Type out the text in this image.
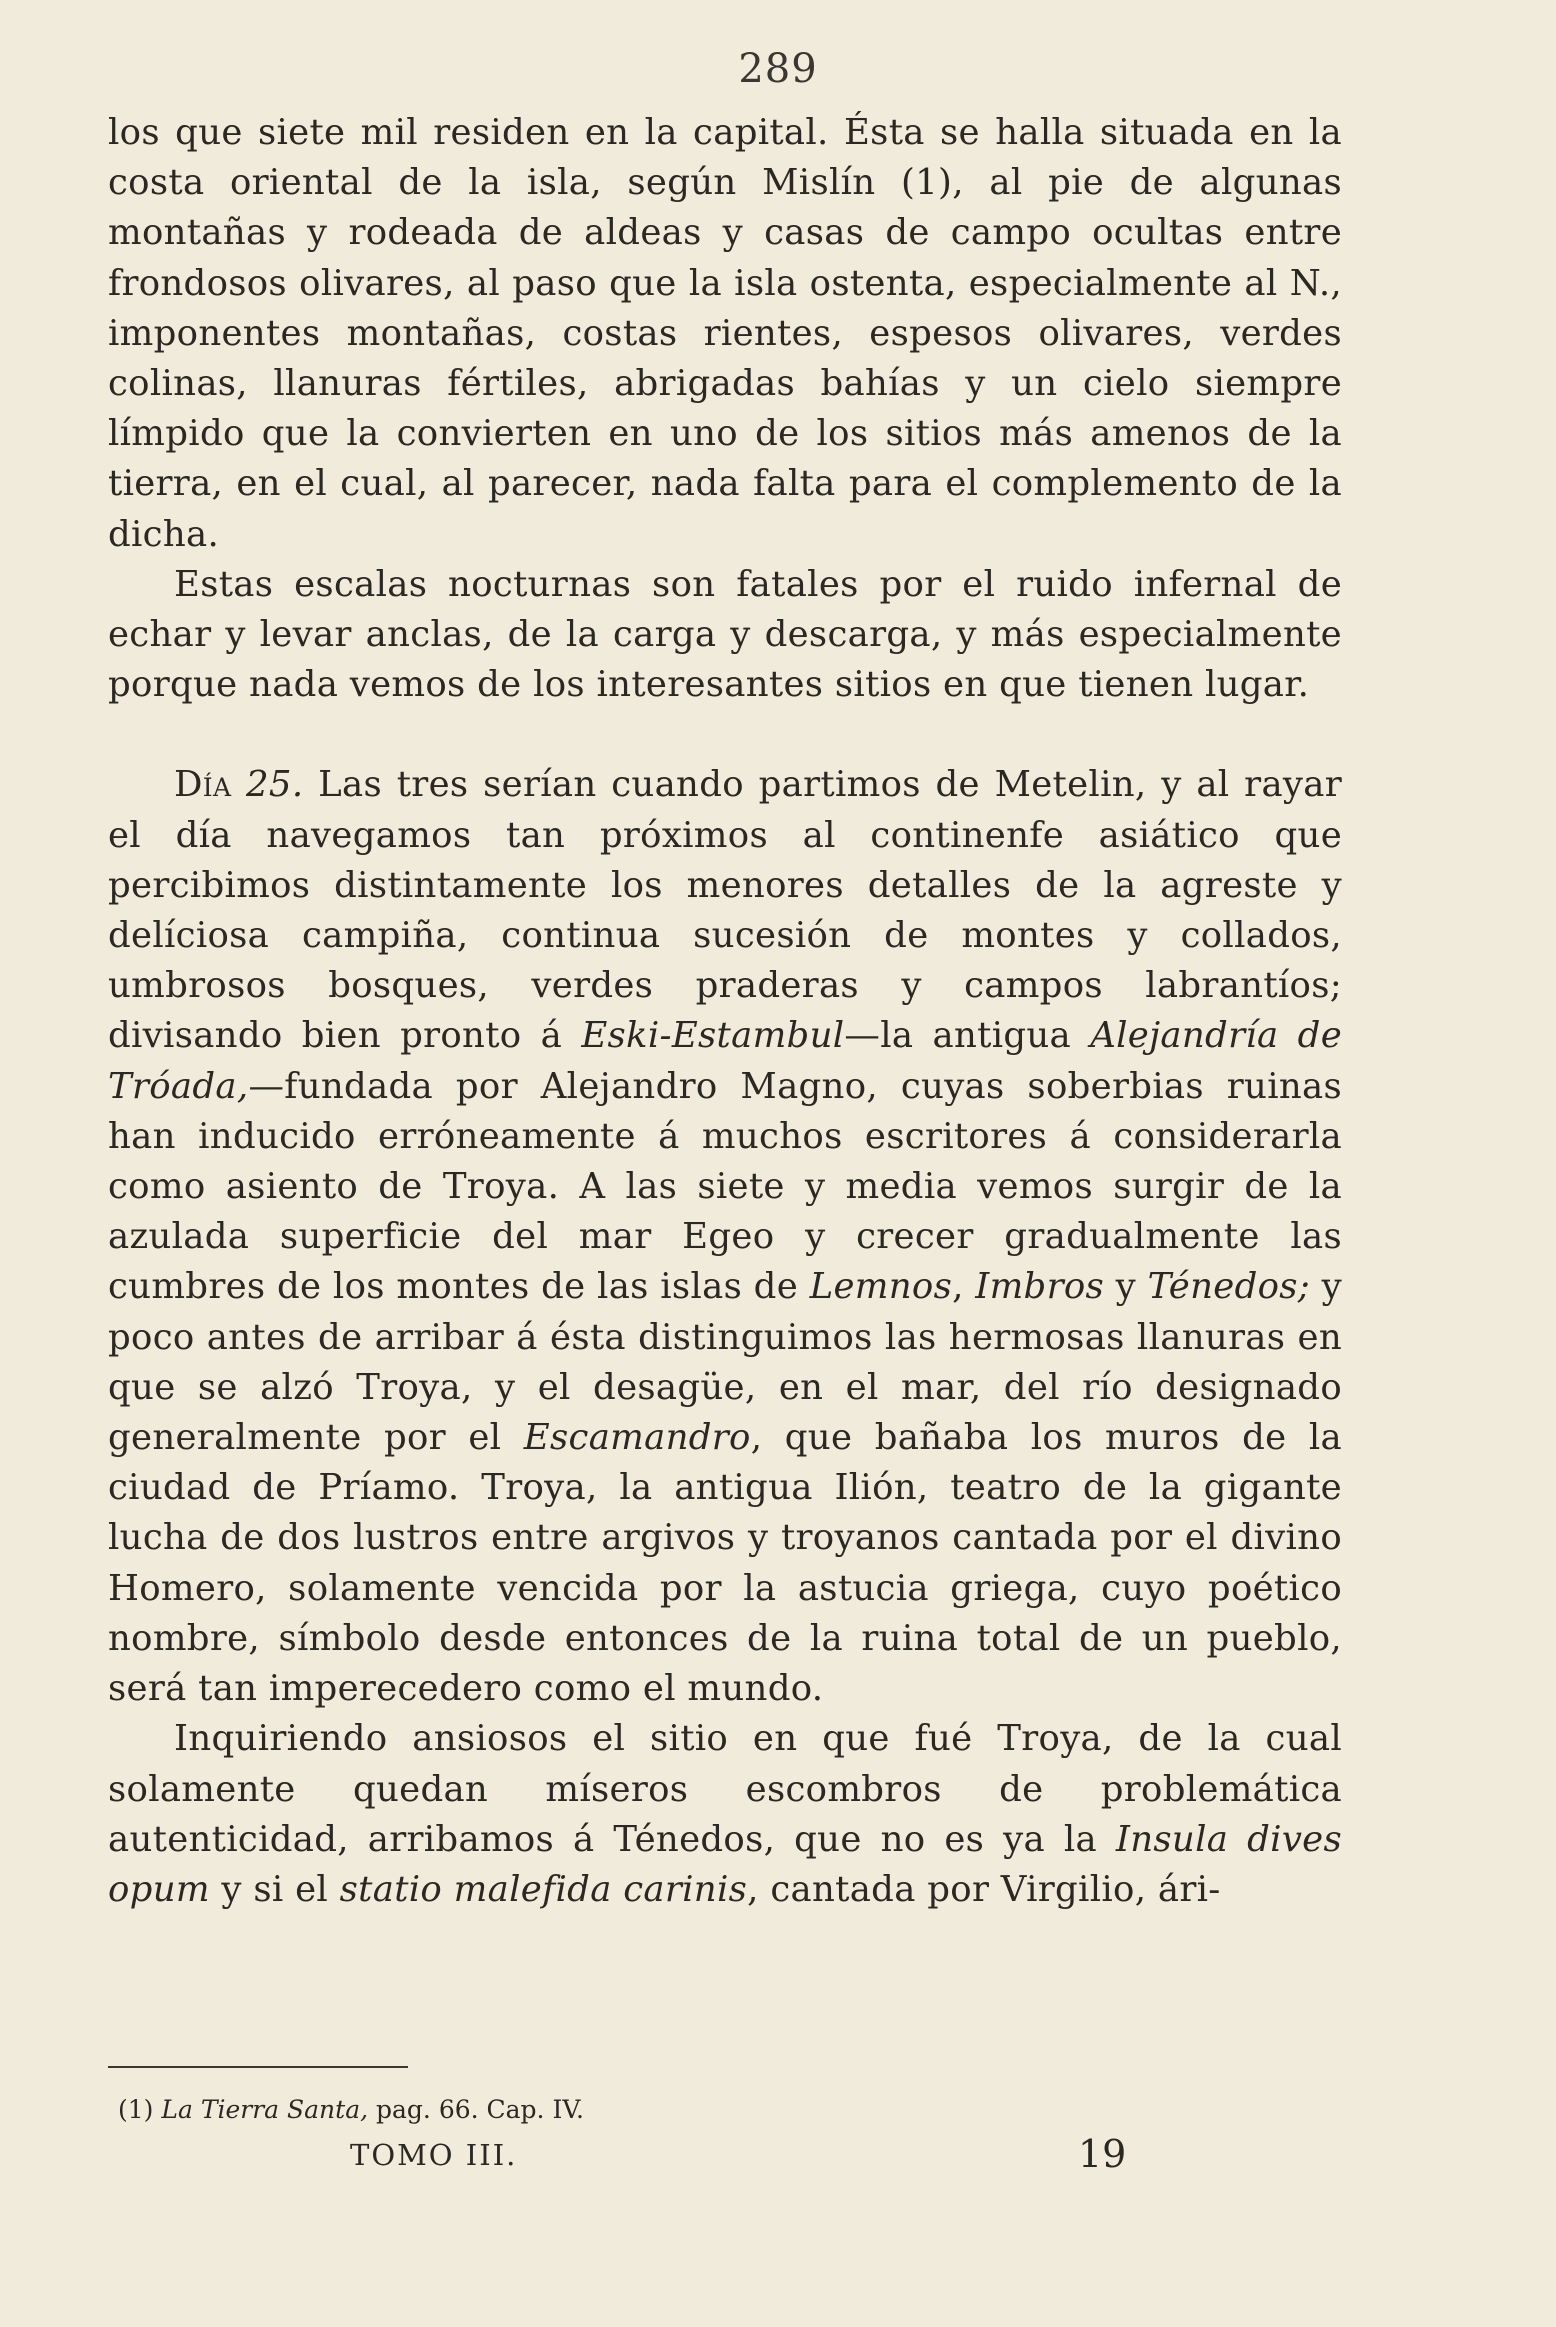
289

los que siete mil residen en la capital. Ésta se halla situada en la costa oriental de la isla, según Mislín (1), al pie de algunas montañas y rodeada de aldeas y casas de campo ocultas entre frondosos olivares, al paso que la isla ostenta, especialmente al N., imponentes montañas, costas rientes, espesos olivares, verdes colinas, llanuras fértiles, abrigadas bahías y un cielo siempre límpido que la convierten en uno de los sitios más amenos de la tierra, en el cual, al parecer, nada falta para el complemento de la dicha.

Estas escalas nocturnas son fatales por el ruido infernal de echar y levar anclas, de la carga y descarga, y más especialmente porque nada vemos de los interesantes sitios en que tienen lugar.

Día 25. Las tres serían cuando partimos de Metelin, y al rayar el día navegamos tan próximos al continenfe asiático que percibimos distintamente los menores detalles de la agreste y delíciosa campiña, continua sucesión de montes y collados, umbrosos bosques, verdes praderas y campos labrantíos; divisando bien pronto á Eski-Estambul—la antigua Alejandría de Tróada,—fundada por Alejandro Magno, cuyas soberbias ruinas han inducido erróneamente á muchos escritores á considerarla como asiento de Troya. A las siete y media vemos surgir de la azulada superficie del mar Egeo y crecer gradualmente las cumbres de los montes de las islas de Lemnos, Imbros y Ténedos; y poco antes de arribar á ésta distinguimos las hermosas llanuras en que se alzó Troya, y el desagüe, en el mar, del río designado generalmente por el Escamandro, que bañaba los muros de la ciudad de Príamo. Troya, la antigua Ilión, teatro de la gigante lucha de dos lustros entre argivos y troyanos cantada por el divino Homero, solamente vencida por la astucia griega, cuyo poético nombre, símbolo desde entonces de la ruina total de un pueblo, será tan imperecedero como el mundo.

Inquiriendo ansiosos el sitio en que fué Troya, de la cual solamente quedan míseros escombros de problemática autenticidad, arribamos á Ténedos, que no es ya la Insula dives opum y si el statio malefida carinis, cantada por Virgilio, ári-

(1) La Tierra Santa, pag. 66. Cap. IV.
TOMO III.	19
